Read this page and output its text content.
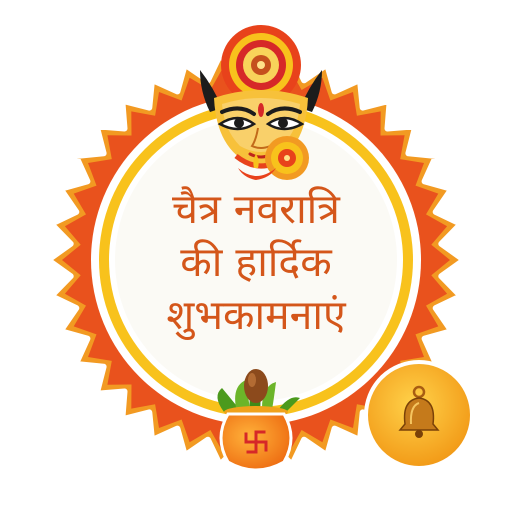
चैत्र नवरात्रि
की हार्दिक
शुभकामनाएं
